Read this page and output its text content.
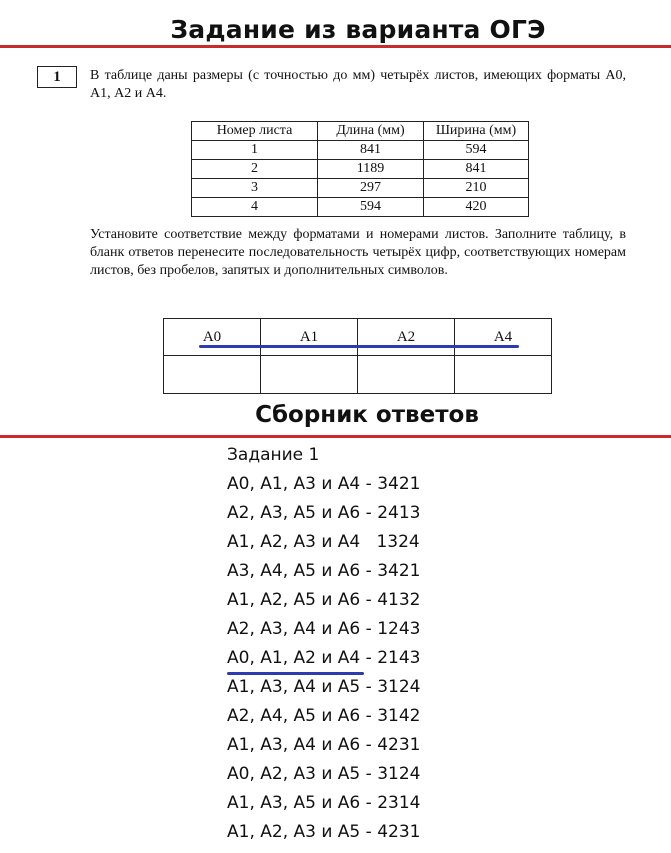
Задание из варианта ОГЭ
1	В таблице даны размеры (с точностью до мм) четырёх листов, имеющих форматы А0, А1, А2 и А4.
Номер листа	Длина (мм)	Ширина (мм)
1	841	594
2	1189	841
3	297	210
4	594	420
Установите соответствие между форматами и номерами листов. Заполните таблицу, в бланк ответов перенесите последовательность четырёх цифр, соответствующих номерам листов, без пробелов, запятых и дополнительных символов.
А0	А1	А2	А4

Сборник ответов
Задание 1
А0, А1, А3 и А4 - 3421
А2, А3, А5 и А6 - 2413
А1, А2, А3 и А4   1324
А3, А4, А5 и А6 - 3421
А1, А2, А5 и А6 - 4132
А2, А3, А4 и А6 - 1243
А0, А1, А2 и А4 - 2143
А1, А3, А4 и А5 - 3124
А2, А4, А5 и А6 - 3142
А1, А3, А4 и А6 - 4231
А0, А2, А3 и А5 - 3124
А1, А3, А5 и А6 - 2314
А1, А2, А3 и А5 - 4231
